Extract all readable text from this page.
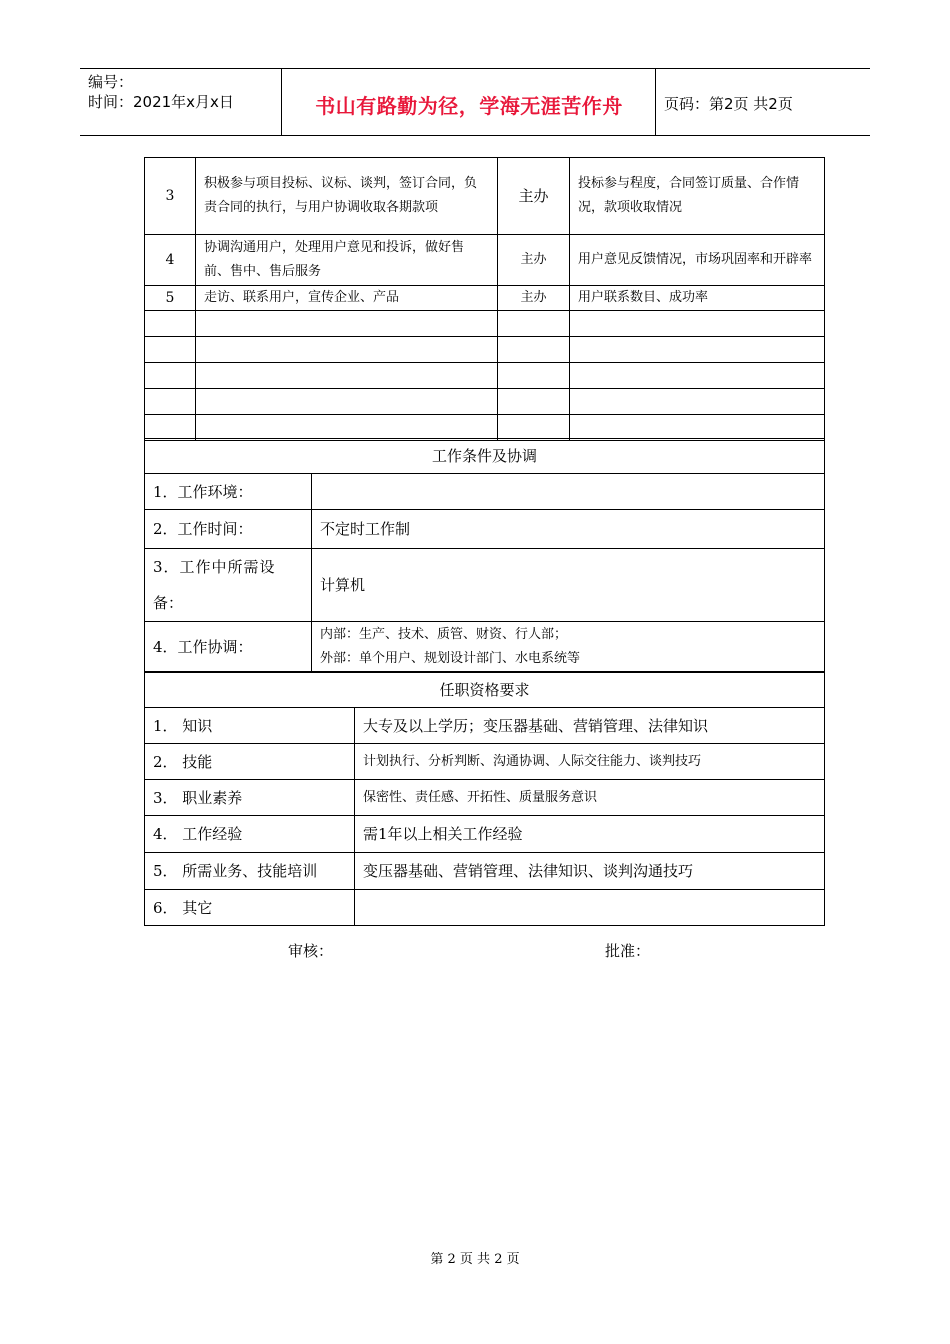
编号：
时间：2021年x月x日	书山有路勤为径，学海无涯苦作舟	页码：第2页 共2页
3	积极参与项目投标、议标、谈判，签订合同，负责合同的执行，与用户协调收取各期款项	主办	投标参与程度，合同签订质量、合作情况，款项收取情况
4	协调沟通用户，处理用户意见和投诉，做好售前、售中、售后服务	主办	用户意见反馈情况，市场巩固率和开辟率
5	走访、联系用户，宣传企业、产品	主办	用户联系数目、成功率

工作条件及协调	
1．工作环境：	
2．工作时间：	不定时工作制

3．工作中所需设
备：	计算机
4．工作协调：	内部：生产、技术、质管、财资、行人部；
外部：单个用户、规划设计部门、水电系统等
任职资格要求	
1． 知识	大专及以上学历；变压器基础、营销管理、法律知识
2． 技能	计划执行、分析判断、沟通协调、人际交往能力、谈判技巧
3． 职业素养	保密性、责任感、开拓性、质量服务意识
4． 工作经验	需1年以上相关工作经验
5． 所需业务、技能培训	变压器基础、营销管理、法律知识、谈判沟通技巧
6． 其它	
审核：	批准：
第 2 页 共 2 页
